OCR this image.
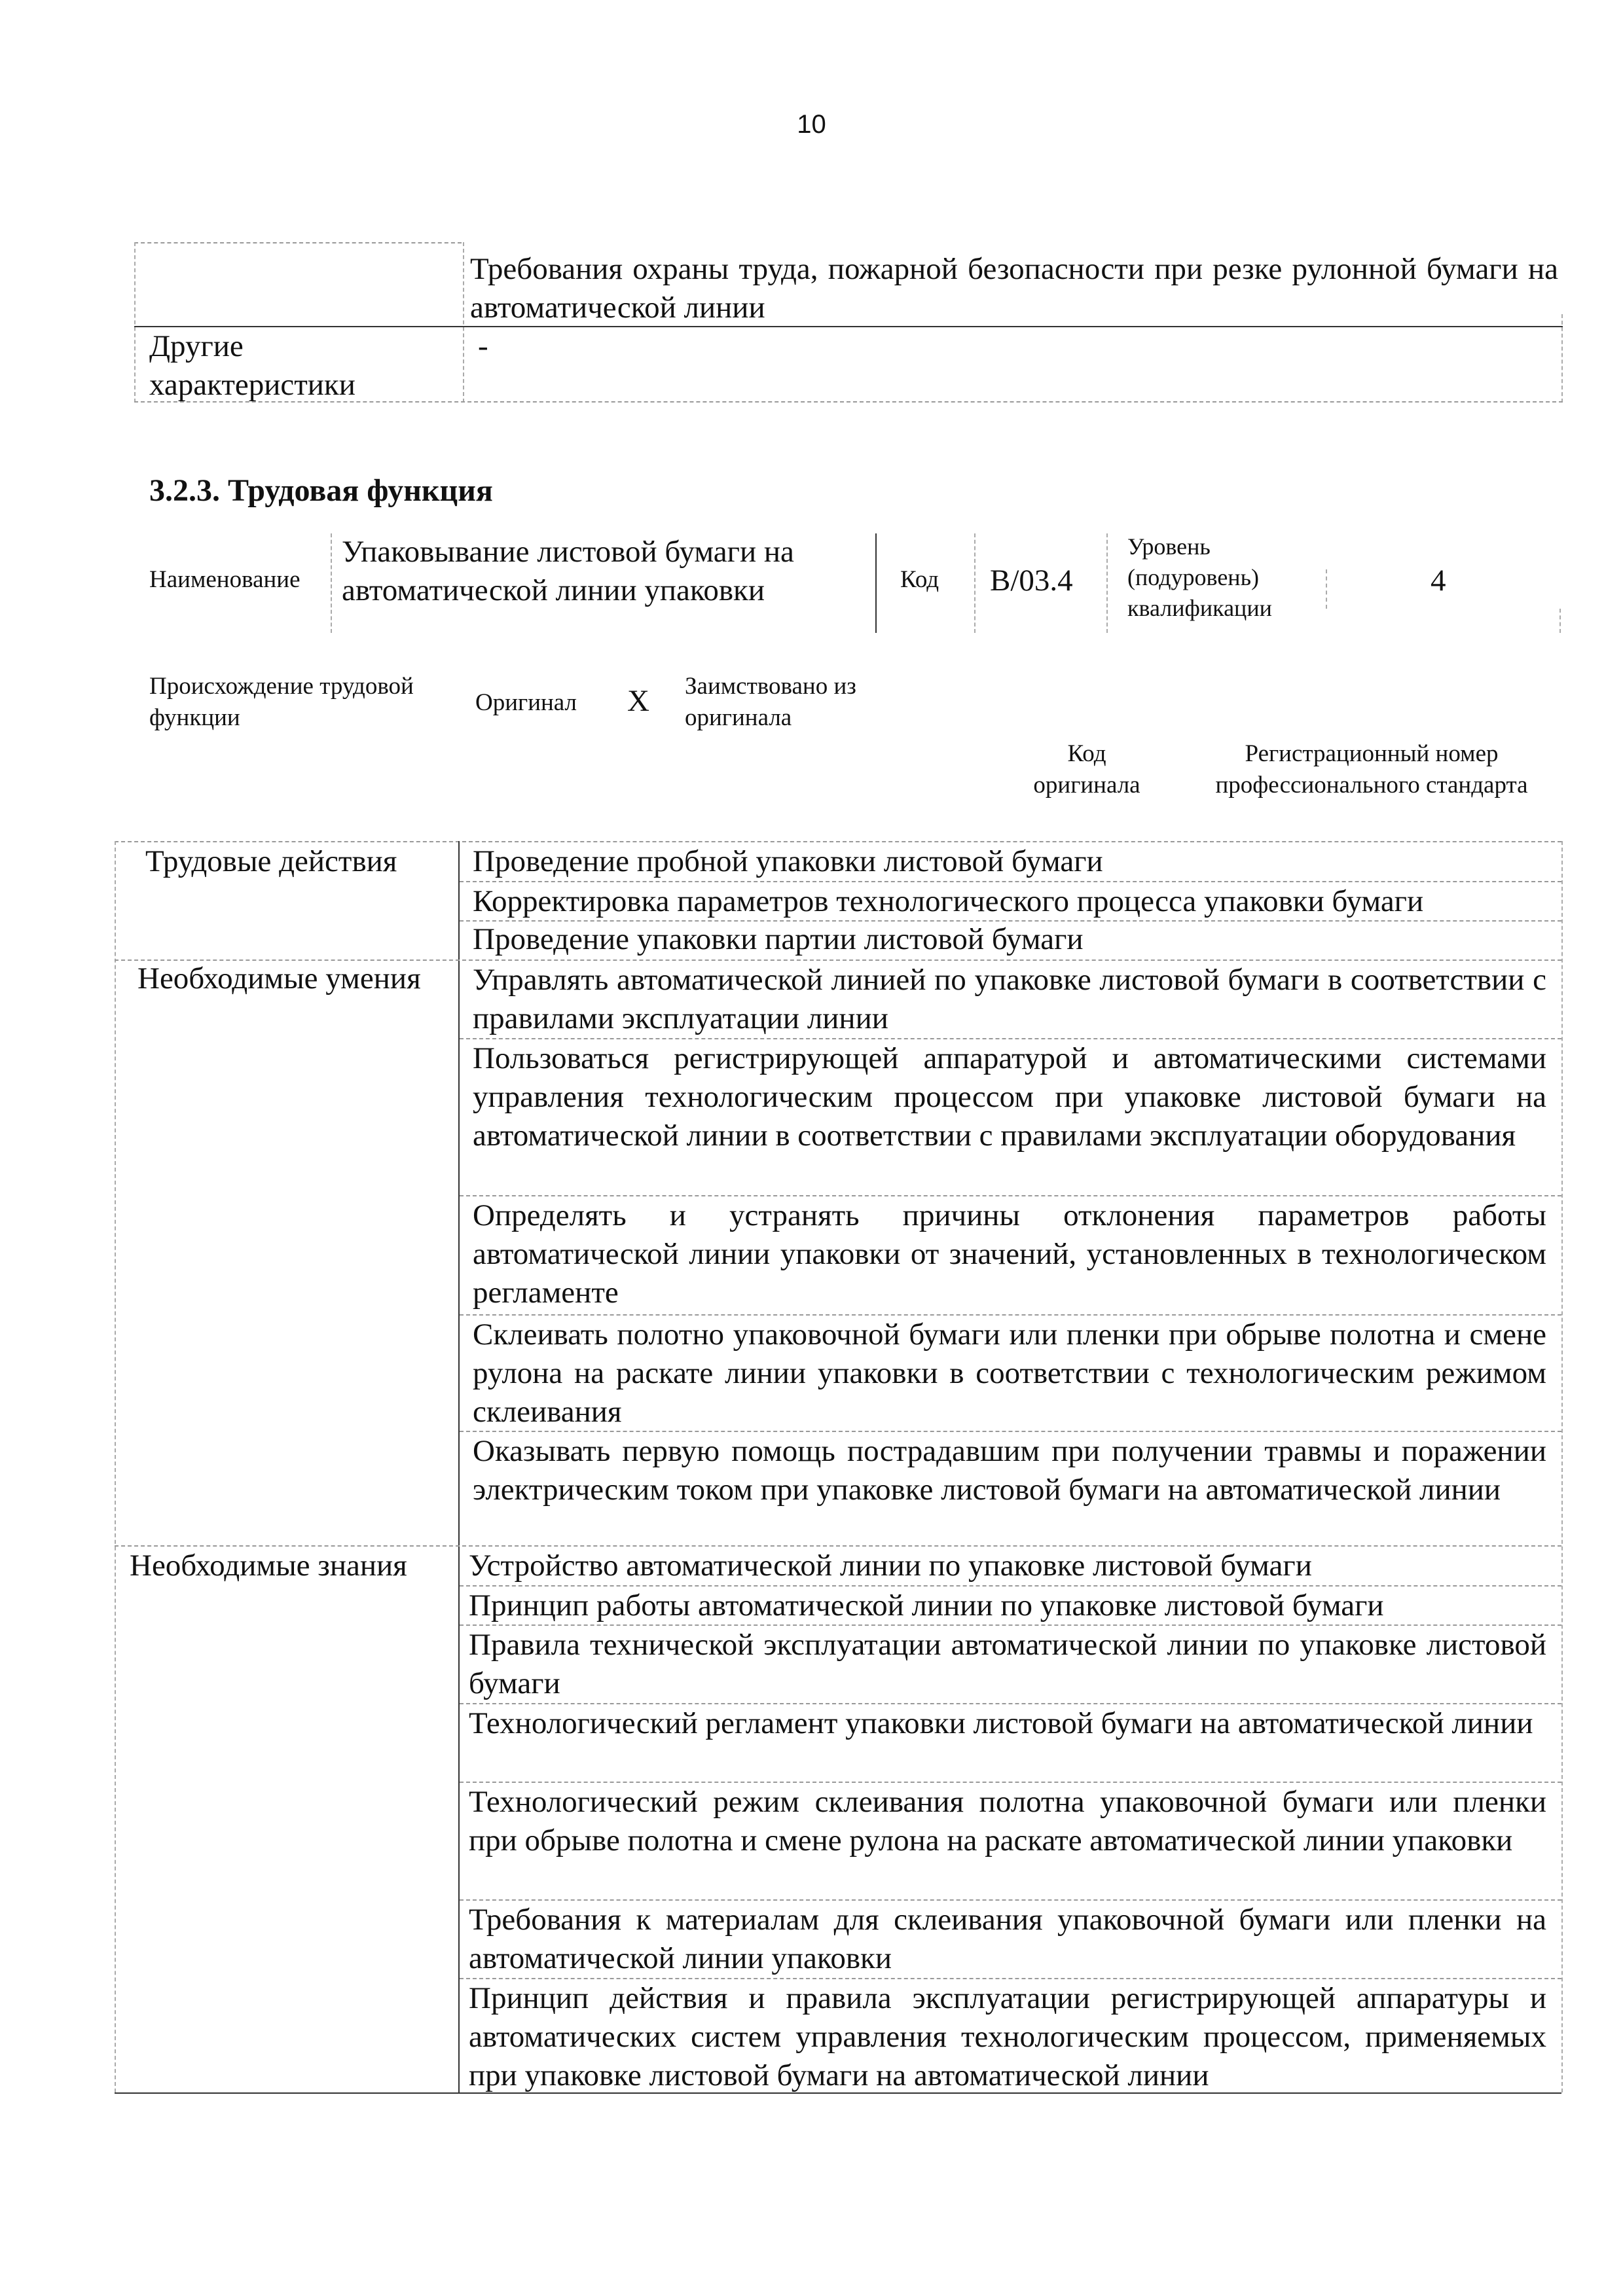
10
Требования охраны труда, пожарной безопасности при резке рулонной бумаги на автоматической линии
Другие характеристики
-
3.2.3. Трудовая функция
Наименование
Упаковывание листовой бумаги на автоматической линии упаковки	Код B/03.4
Уровень (подуровень) квалификации
4
Происхождение трудовой функции
Оригинал X Заимствовано из оригинала
Код оригинала
Регистрационный номер профессионального стандарта
Трудовые действия
Необходимые умения
Необходимые знания
Проведение пробной упаковки листовой бумаги
Корректировка параметров технологического процесса упаковки бумаги
Проведение упаковки партии листовой бумаги
Управлять автоматической линией по упаковке листовой бумаги в соответствии с правилами эксплуатации линии
Пользоваться регистрирующей аппаратурой и автоматическими системами управления технологическим процессом при упаковке листовой бумаги на автоматической линии в соответствии с правилами эксплуатации оборудования
Определять и устранять причины отклонения параметров работы автоматической линии упаковки от значений, установленных в технологическом регламенте
Склеивать полотно упаковочной бумаги или пленки при обрыве полотна и смене рулона на раскате линии упаковки в соответствии с технологическим режимом склеивания
Оказывать первую помощь пострадавшим при получении травмы и поражении электрическим током при упаковке листовой бумаги на автоматической линии
Устройство автоматической линии по упаковке листовой бумаги
Принцип работы автоматической линии по упаковке листовой бумаги
Правила технической эксплуатации автоматической линии по упаковке листовой бумаги
Технологический регламент упаковки листовой бумаги на автоматической линии
Технологический режим склеивания полотна упаковочной бумаги или пленки при обрыве полотна и смене рулона на раскате автоматической линии упаковки
Требования к материалам для склеивания упаковочной бумаги или пленки на автоматической линии упаковки
Принцип действия и правила эксплуатации регистрирующей аппаратуры и автоматических систем управления технологическим процессом, применяемых при упаковке листовой бумаги на автоматической линии
